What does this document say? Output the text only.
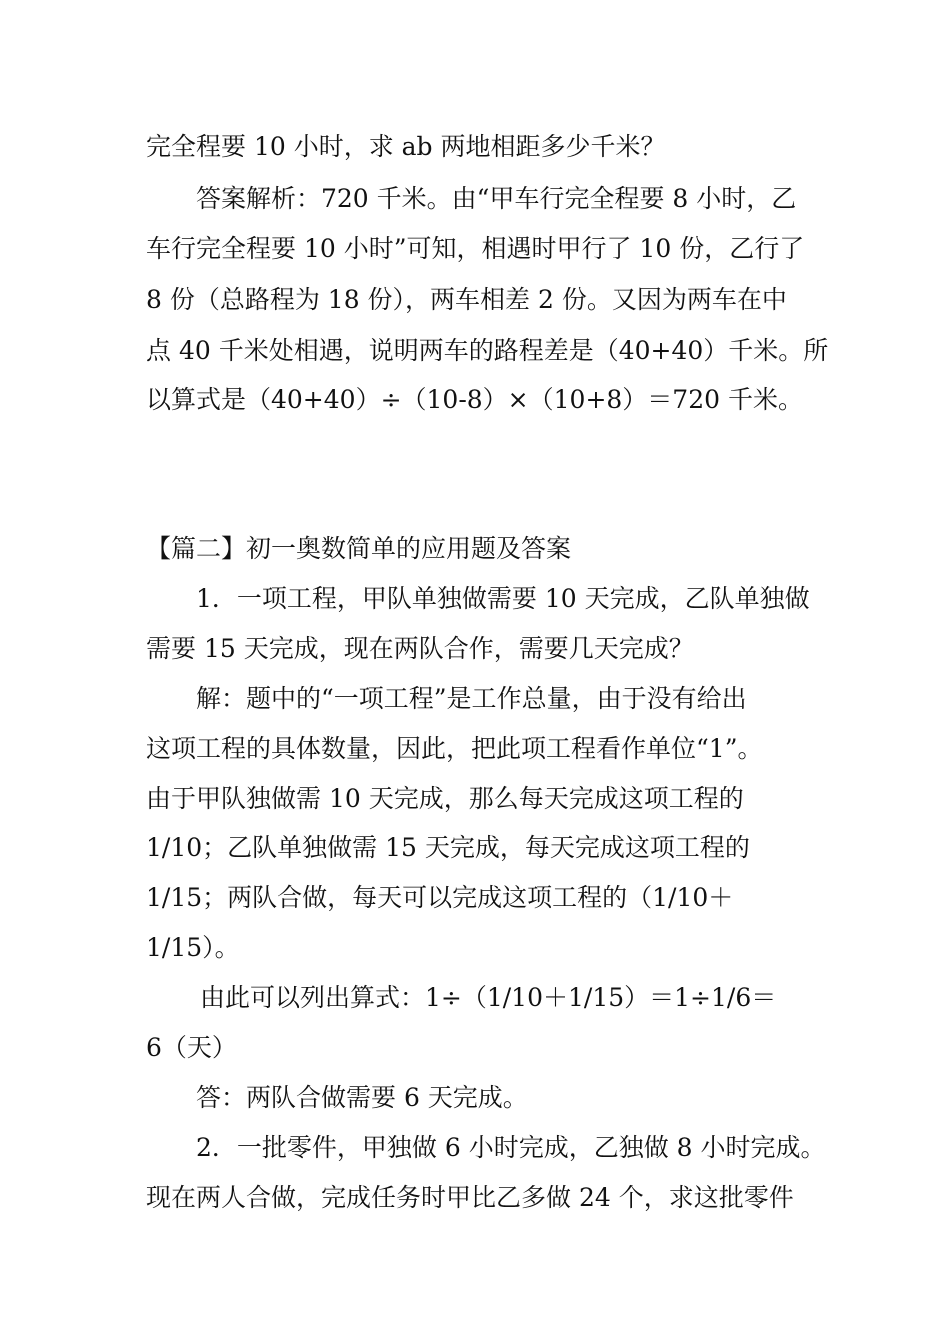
完全程要 10 小时，求 ab 两地相距多少千米？
答案解析：720 千米。由“甲车行完全程要 8 小时，乙
车行完全程要 10 小时”可知，相遇时甲行了 10 份，乙行了
8 份（总路程为 18 份），两车相差 2 份。又因为两车在中
点 40 千米处相遇，说明两车的路程差是（40+40）千米。所
以算式是（40+40）÷（10-8）×（10+8）＝720 千米。
【篇二】初一奥数简单的应用题及答案
1．一项工程，甲队单独做需要 10 天完成，乙队单独做
需要 15 天完成，现在两队合作，需要几天完成？
解：题中的“一项工程”是工作总量，由于没有给出
这项工程的具体数量，因此，把此项工程看作单位“1”。
由于甲队独做需 10 天完成，那么每天完成这项工程的
1/10；乙队单独做需 15 天完成，每天完成这项工程的
1/15；两队合做，每天可以完成这项工程的（1/10＋
1/15）。
由此可以列出算式：1÷（1/10＋1/15）＝1÷1/6＝
6（天）
答：两队合做需要 6 天完成。
2．一批零件，甲独做 6 小时完成，乙独做 8 小时完成。
现在两人合做，完成任务时甲比乙多做 24 个，求这批零件
